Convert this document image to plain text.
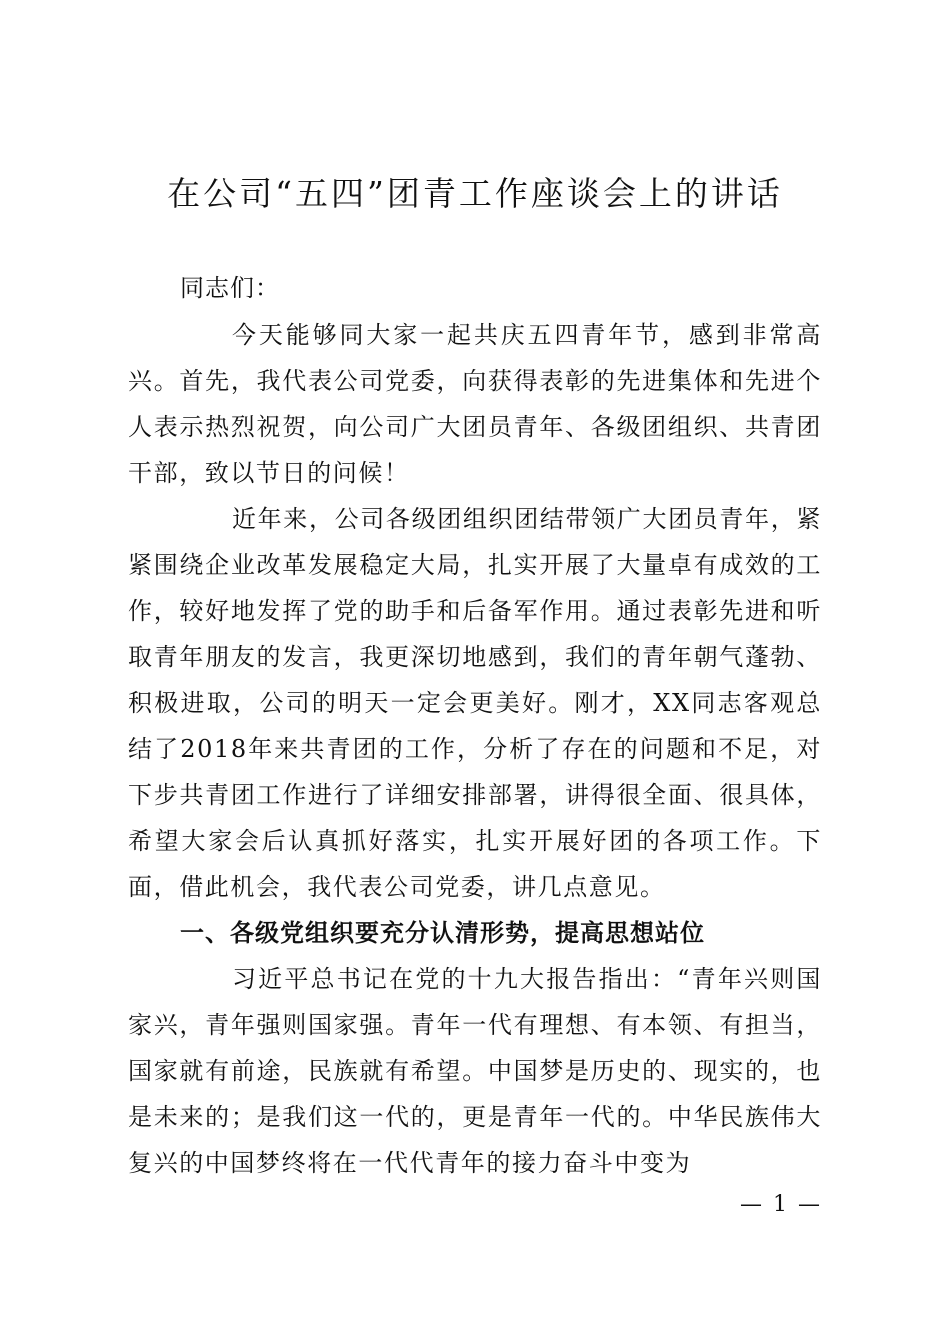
在公司“五四”团青工作座谈会上的讲话

同志们：

今天能够同大家一起共庆五四青年节，感到非常高兴。首先，我代表公司党委，向获得表彰的先进集体和先进个人表示热烈祝贺，向公司广大团员青年、各级团组织、共青团干部，致以节日的问候！

近年来，公司各级团组织团结带领广大团员青年，紧紧围绕企业改革发展稳定大局，扎实开展了大量卓有成效的工作，较好地发挥了党的助手和后备军作用。通过表彰先进和听取青年朋友的发言，我更深切地感到，我们的青年朝气蓬勃、积极进取，公司的明天一定会更美好。刚才，XX同志客观总结了2018年来共青团的工作，分析了存在的问题和不足，对下步共青团工作进行了详细安排部署，讲得很全面、很具体，希望大家会后认真抓好落实，扎实开展好团的各项工作。下面，借此机会，我代表公司党委，讲几点意见。

一、各级党组织要充分认清形势，提高思想站位

习近平总书记在党的十九大报告指出：“青年兴则国家兴，青年强则国家强。青年一代有理想、有本领、有担当，国家就有前途，民族就有希望。中国梦是历史的、现实的，也是未来的；是我们这一代的，更是青年一代的。中华民族伟大复兴的中国梦终将在一代代青年的接力奋斗中变为

— 1 —
